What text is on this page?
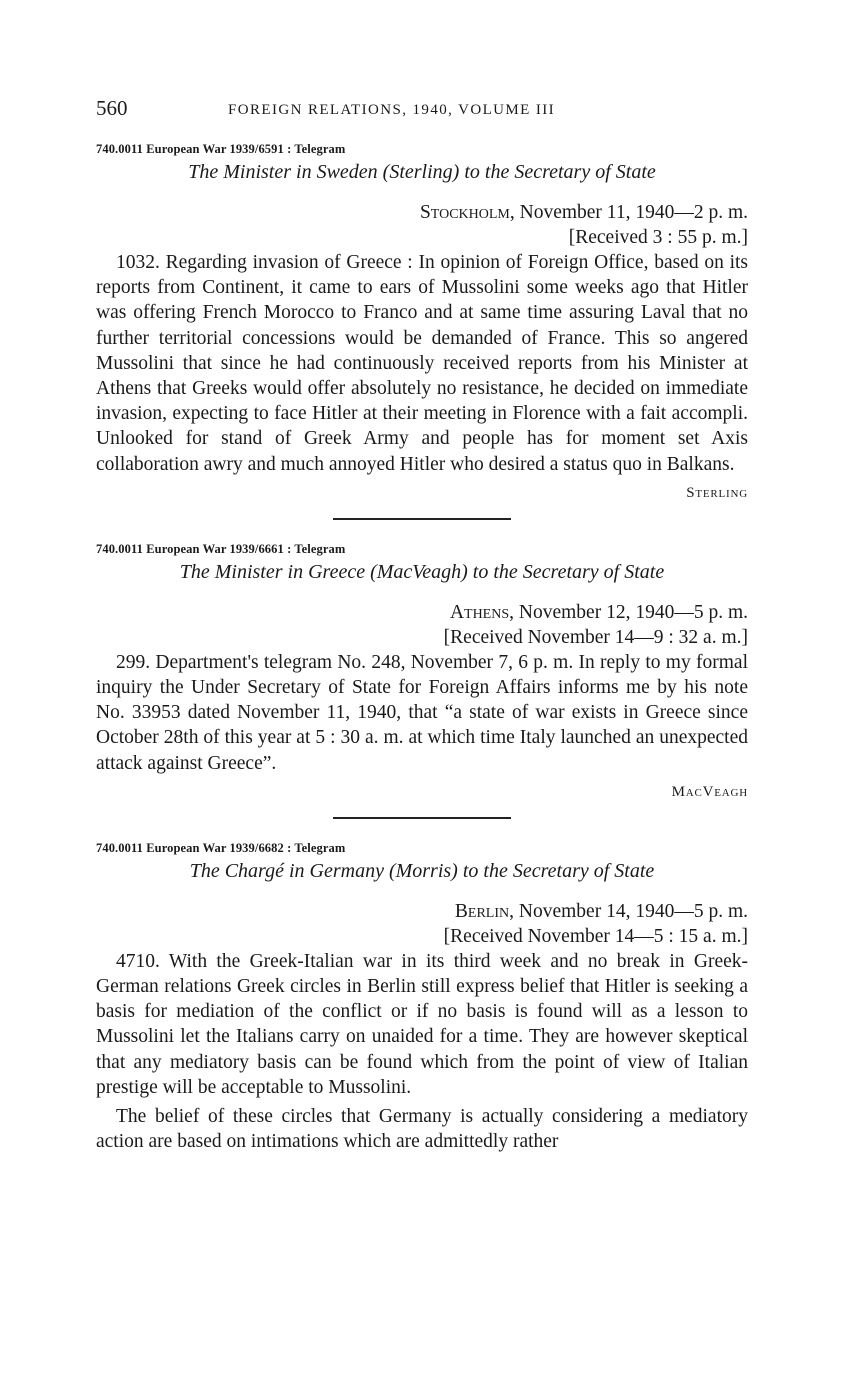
560	FOREIGN RELATIONS, 1940, VOLUME III
740.0011 European War 1939/6591 : Telegram
The Minister in Sweden (Sterling) to the Secretary of State
Stockholm, November 11, 1940—2 p. m.
[Received 3 : 55 p. m.]

1032. Regarding invasion of Greece : In opinion of Foreign Office, based on its reports from Continent, it came to ears of Mussolini some weeks ago that Hitler was offering French Morocco to Franco and at same time assuring Laval that no further territorial concessions would be demanded of France. This so angered Mussolini that since he had continuously received reports from his Minister at Athens that Greeks would offer absolutely no resistance, he decided on immediate invasion, expecting to face Hitler at their meeting in Florence with a fait accompli. Unlooked for stand of Greek Army and people has for moment set Axis collaboration awry and much annoyed Hitler who desired a status quo in Balkans.

Sterling
740.0011 European War 1939/6661 : Telegram
The Minister in Greece (MacVeagh) to the Secretary of State
Athens, November 12, 1940—5 p. m.
[Received November 14—9 : 32 a. m.]

299. Department's telegram No. 248, November 7, 6 p. m. In reply to my formal inquiry the Under Secretary of State for Foreign Affairs informs me by his note No. 33953 dated November 11, 1940, that “a state of war exists in Greece since October 28th of this year at 5 : 30 a. m. at which time Italy launched an unexpected attack against Greece”.

MacVeagh
740.0011 European War 1939/6682 : Telegram
The Chargé in Germany (Morris) to the Secretary of State
Berlin, November 14, 1940—5 p. m.
[Received November 14—5 : 15 a. m.]

4710. With the Greek-Italian war in its third week and no break in Greek-German relations Greek circles in Berlin still express belief that Hitler is seeking a basis for mediation of the conflict or if no basis is found will as a lesson to Mussolini let the Italians carry on unaided for a time. They are however skeptical that any mediatory basis can be found which from the point of view of Italian prestige will be acceptable to Mussolini.

The belief of these circles that Germany is actually considering a mediatory action are based on intimations which are admittedly rather
